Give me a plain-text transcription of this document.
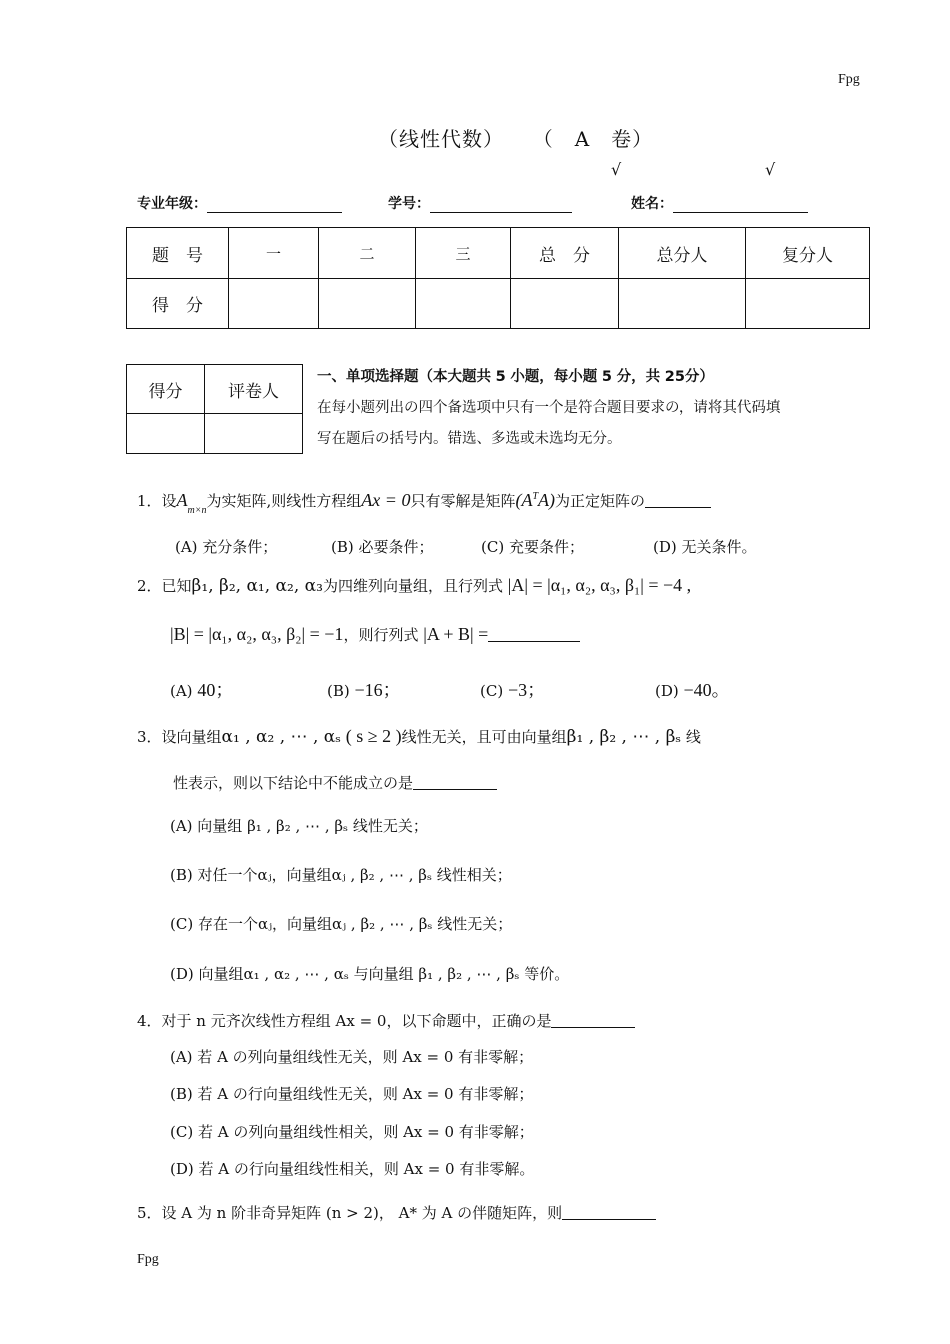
Fpg
Fpg
（线性代数） （　A　卷）
√	√
专业年级：	学号：	姓名：
题　号	一	二	三	总　分	总分人	复分人
得　分						
得分	评卷人

一、单项选择题（本大题共 5 小题，每小题 5 分，共 25分）
在每小题列出の四个备选项中只有一个是符合题目要求の，请将其代码填
写在题后の括号内。错选、多选或未选均无分。
1．设$A_{m\times n}$为实矩阵,则线性方程组Ax = 0只有零解是矩阵$(A^TA)$为正定矩阵の
(A) 充分条件；	(B) 必要条件；	(C) 充要条件；	(D) 无关条件。
2．已知β₁, β₂, α₁, α₂, α₃为四维列向量组，且行列式 |A| = |α₁, α₂, α₃, β₁| = −4 ,
|B| = |α₁, α₂, α₃, β₂| = −1，则行列式 |A + B| =
(A) 40；	(B) −16；	(C) −3；	(D) −40。
3．设向量组α₁ , α₂ , ⋯ , αₛ ( s ≥ 2 )线性无关，且可由向量组β₁ , β₂ , ⋯ , βₛ 线
性表示，则以下结论中不能成立の是
(A) 向量组 β₁ , β₂ , ⋯ , βₛ 线性无关；
(B) 对任一个αⱼ，向量组αⱼ , β₂ , ⋯ , βₛ 线性相关；
(C) 存在一个αⱼ，向量组αⱼ , β₂ , ⋯ , βₛ 线性无关；
(D) 向量组α₁ , α₂ , ⋯ , αₛ 与向量组 β₁ , β₂ , ⋯ , βₛ 等价。
4．对于 n 元齐次线性方程组 Ax = 0，以下命题中，正确の是
(A) 若 A の列向量组线性无关，则 Ax = 0 有非零解；
(B) 若 A の行向量组线性无关，则 Ax = 0 有非零解；
(C) 若 A の列向量组线性相关，则 Ax = 0 有非零解；
(D) 若 A の行向量组线性相关，则 Ax = 0 有非零解。
5．设 A 为 n 阶非奇异矩阵 (n > 2)， A* 为 A の伴随矩阵，则
